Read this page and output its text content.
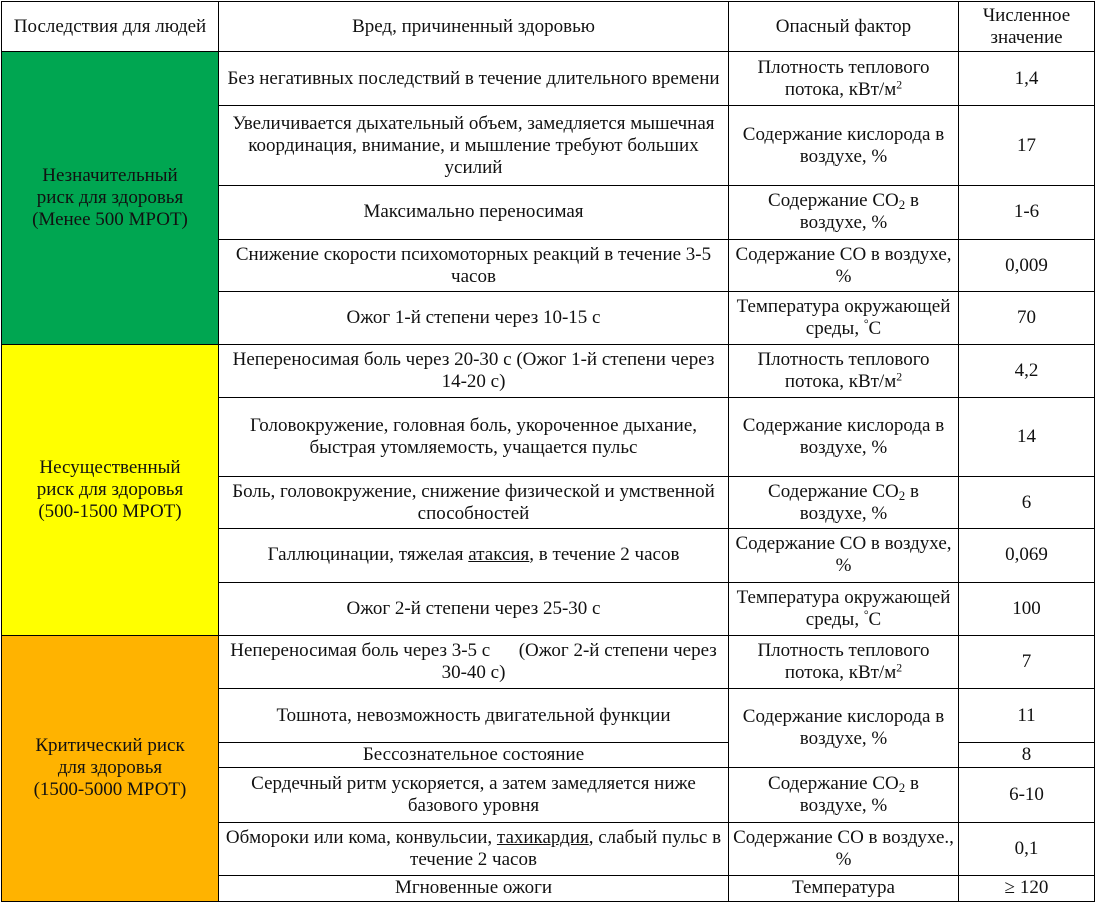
Последствия для людей	Вред, причиненный здоровью	Опасный фактор	Численное значение
Незначительный
риск для здоровья
(Менее 500 МРОТ)	Без негативных последствий в течение длительного времени	Плотность теплового потока, кВт/$м^2$	1,4
	Увеличивается дыхательный объем, замедляется мышечная координация, внимание, и мышление требуют больших усилий	Содержание кислорода в воздухе, %	17
	Максимально переносимая	Содержание $СО_2$ в воздухе, %	1-6
	Снижение скорости психомоторных реакций в течение 3-5 часов	Содержание СО в воздухе, %	0,009
	Ожог 1-й степени через 10-15 с	Температура окружающей среды, °С	70
Несущественный
риск для здоровья
(500-1500 МРОТ)	Непереносимая боль через 20-30 с (Ожог 1-й степени через 14-20 с)	Плотность теплового потока, кВт/$м^2$	4,2
	Головокружение, головная боль, укороченное дыхание, быстрая утомляемость, учащается пульс	Содержание кислорода в воздухе, %	14
	Боль, головокружение, снижение физической и умственной способностей	Содержание $СО_2$ в воздухе, %	6
	Галлюцинации, тяжелая атаксия, в течение 2 часов	Содержание СО в воздухе, %	0,069
	Ожог 2-й степени через 25-30 с	Температура окружающей среды, °С	100
Критический риск
для здоровья
(1500-5000 МРОТ)	Непереносимая боль через 3-5 с      (Ожог 2-й степени через 30-40 с)	Плотность теплового потока, кВт/$м^2$	7
	Тошнота, невозможность двигательной функции	Содержание кислорода в воздухе, %	11
	Бессознательное состояние		8
	Сердечный ритм ускоряется, а затем замедляется ниже базового уровня	Содержание $СО_2$ в воздухе, %	6-10
	Обмороки или кома, конвульсии, тахикардия, слабый пульс в течение 2 часов	Содержание СО в воздухе., %	0,1
	Мгновенные ожоги	Температура	≥ 120
